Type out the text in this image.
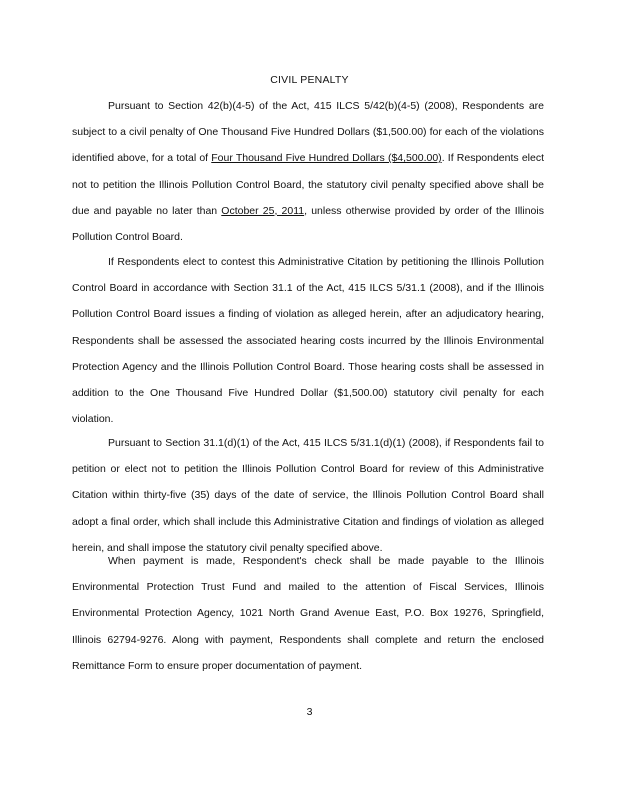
CIVIL PENALTY

Pursuant to Section 42(b)(4-5) of the Act, 415 ILCS 5/42(b)(4-5) (2008), Respondents are subject to a civil penalty of One Thousand Five Hundred Dollars ($1,500.00) for each of the violations identified above, for a total of Four Thousand Five Hundred Dollars ($4,500.00). If Respondents elect not to petition the Illinois Pollution Control Board, the statutory civil penalty specified above shall be due and payable no later than October 25, 2011, unless otherwise provided by order of the Illinois Pollution Control Board.

If Respondents elect to contest this Administrative Citation by petitioning the Illinois Pollution Control Board in accordance with Section 31.1 of the Act, 415 ILCS 5/31.1 (2008), and if the Illinois Pollution Control Board issues a finding of violation as alleged herein, after an adjudicatory hearing, Respondents shall be assessed the associated hearing costs incurred by the Illinois Environmental Protection Agency and the Illinois Pollution Control Board. Those hearing costs shall be assessed in addition to the One Thousand Five Hundred Dollar ($1,500.00) statutory civil penalty for each violation.

Pursuant to Section 31.1(d)(1) of the Act, 415 ILCS 5/31.1(d)(1) (2008), if Respondents fail to petition or elect not to petition the Illinois Pollution Control Board for review of this Administrative Citation within thirty-five (35) days of the date of service, the Illinois Pollution Control Board shall adopt a final order, which shall include this Administrative Citation and findings of violation as alleged herein, and shall impose the statutory civil penalty specified above.

When payment is made, Respondent's check shall be made payable to the Illinois Environmental Protection Trust Fund and mailed to the attention of Fiscal Services, Illinois Environmental Protection Agency, 1021 North Grand Avenue East, P.O. Box 19276, Springfield, Illinois 62794-9276. Along with payment, Respondents shall complete and return the enclosed Remittance Form to ensure proper documentation of payment.

3
